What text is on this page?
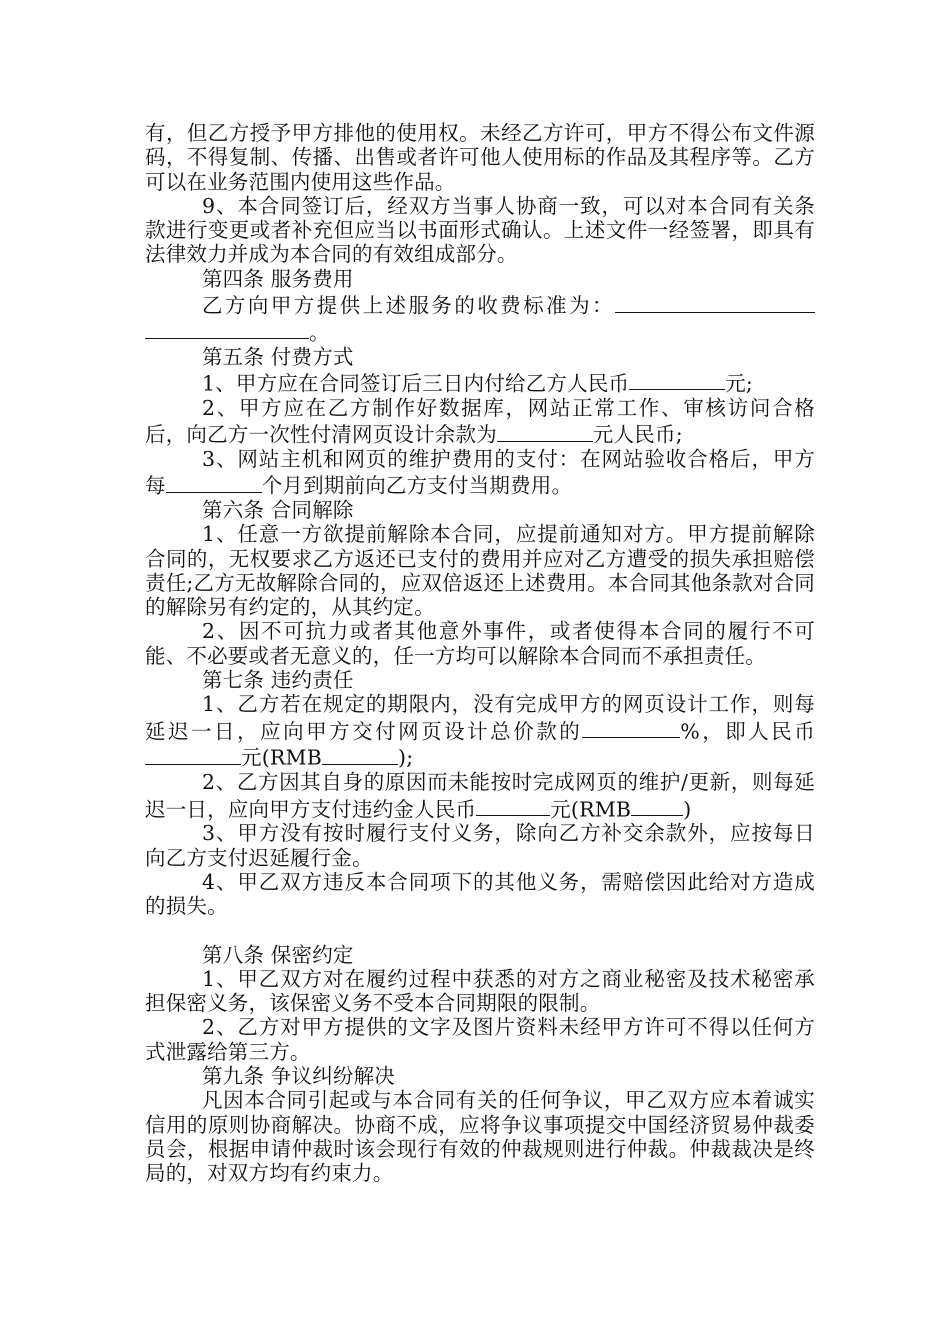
有，但乙方授予甲方排他的使用权。未经乙方许可，甲方不得公布文件源码，不得复制、传播、出售或者许可他人使用标的作品及其程序等。乙方可以在业务范围内使用这些作品。

9、本合同签订后，经双方当事人协商一致，可以对本合同有关条款进行变更或者补充但应当以书面形式确认。上述文件一经签署，即具有法律效力并成为本合同的有效组成部分。

第四条 服务费用

乙方向甲方提供上述服务的收费标准为：。

第五条 付费方式

1、甲方应在合同签订后三日内付给乙方人民币	元;

2、甲方应在乙方制作好数据库，网站正常工作、审核访问合格后，向乙方一次性付清网页设计余款为	元人民币;

3、网站主机和网页的维护费用的支付：在网站验收合格后，甲方每	个月到期前向乙方支付当期费用。

第六条 合同解除

1、任意一方欲提前解除本合同，应提前通知对方。甲方提前解除合同的，无权要求乙方返还已支付的费用并应对乙方遭受的损失承担赔偿责任;乙方无故解除合同的，应双倍返还上述费用。本合同其他条款对合同的解除另有约定的，从其约定。

2、因不可抗力或者其他意外事件，或者使得本合同的履行不可能、不必要或者无意义的，任一方均可以解除本合同而不承担责任。

第七条 违约责任

1、乙方若在规定的期限内，没有完成甲方的网页设计工作，则每延迟一日，应向甲方交付网页设计总价款的	%，即人民币元(RMB	);

2、乙方因其自身的原因而未能按时完成网页的维护/更新，则每延迟一日，应向甲方支付违约金人民币	元(RMB	)

3、甲方没有按时履行支付义务，除向乙方补交余款外，应按每日向乙方支付迟延履行金。

4、甲乙双方违反本合同项下的其他义务，需赔偿因此给对方造成的损失。

第八条 保密约定

1、甲乙双方对在履约过程中获悉的对方之商业秘密及技术秘密承担保密义务，该保密义务不受本合同期限的限制。

2、乙方对甲方提供的文字及图片资料未经甲方许可不得以任何方式泄露给第三方。

第九条 争议纠纷解决

凡因本合同引起或与本合同有关的任何争议，甲乙双方应本着诚实信用的原则协商解决。协商不成，应将争议事项提交中国经济贸易仲裁委员会，根据申请仲裁时该会现行有效的仲裁规则进行仲裁。仲裁裁决是终局的，对双方均有约束力。
